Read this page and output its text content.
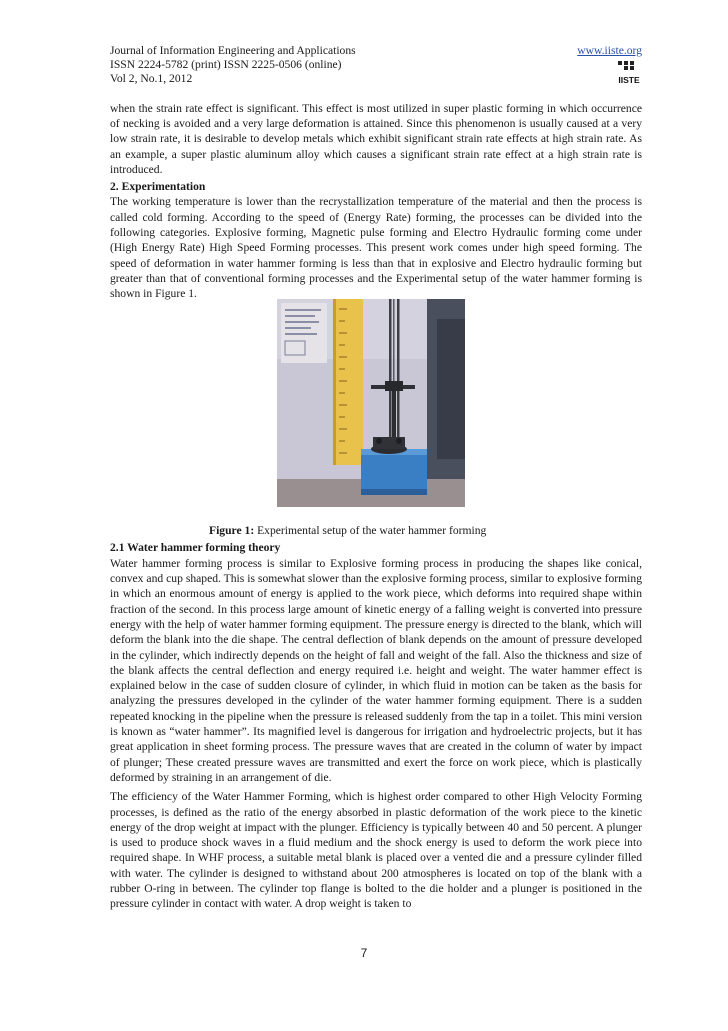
Journal of Information Engineering and Applications
ISSN 2224-5782 (print) ISSN 2225-0506 (online)
Vol 2, No.1, 2012
www.iiste.org
IISTE

when the strain rate effect is significant. This effect is most utilized in super plastic forming in which occurrence of necking is avoided and a very large deformation is attained. Since this phenomenon is usually caused at a very low strain rate, it is desirable to develop metals which exhibit significant strain rate effects at high strain rate. As an example, a super plastic aluminum alloy which causes a significant strain rate effect at a high strain rate is introduced.

2. Experimentation

The working temperature is lower than the recrystallization temperature of the material and then the process is called cold forming. According to the speed of (Energy Rate) forming, the processes can be divided into the following categories. Explosive forming, Magnetic pulse forming and Electro Hydraulic forming come under (High Energy Rate) High Speed Forming processes. This present work comes under high speed forming. The speed of deformation in water hammer forming is less than that in explosive and Electro hydraulic forming but greater than that of conventional forming processes and the Experimental setup of the water hammer forming is shown in Figure 1.

Figure 1: Experimental setup of the water hammer forming
2.1 Water hammer forming theory

Water hammer forming process is similar to Explosive forming process in producing the shapes like conical, convex and cup shaped. This is somewhat slower than the explosive forming process, similar to explosive forming in which an enormous amount of energy is applied to the work piece, which deforms into required shape within fraction of the second. In this process large amount of kinetic energy of a falling weight is converted into pressure energy with the help of water hammer forming equipment. The pressure energy is directed to the blank, which will deform the blank into the die shape. The central deflection of blank depends on the amount of pressure developed in the cylinder, which indirectly depends on the height of fall and weight of the fall. Also the thickness and size of the blank affects the central deflection and energy required i.e. height and weight. The water hammer effect is explained below in the case of sudden closure of cylinder, in which fluid in motion can be taken as the basis for analyzing the pressures developed in the cylinder of the water hammer forming equipment. There is a sudden repeated knocking in the pipeline when the pressure is released suddenly from the tap in a toilet. This mini version is known as “water hammer”. Its magnified level is dangerous for irrigation and hydroelectric projects, but it has great application in sheet forming process. The pressure waves that are created in the column of water by impact of plunger; These created pressure waves are transmitted and exert the force on work piece, which is plastically deformed by straining in an arrangement of die.

The efficiency of the Water Hammer Forming, which is highest order compared to other High Velocity Forming processes, is defined as the ratio of the energy absorbed in plastic deformation of the work piece to the kinetic energy of the drop weight at impact with the plunger. Efficiency is typically between 40 and 50 percent. A plunger is used to produce shock waves in a fluid medium and the shock energy is used to deform the work piece into required shape. In WHF process, a suitable metal blank is placed over a vented die and a pressure cylinder filled with water. The cylinder is designed to withstand about 200 atmospheres is located on top of the blank with a rubber O-ring in between. The cylinder top flange is bolted to the die holder and a plunger is positioned in the pressure cylinder in contact with water. A drop weight is taken to

7
